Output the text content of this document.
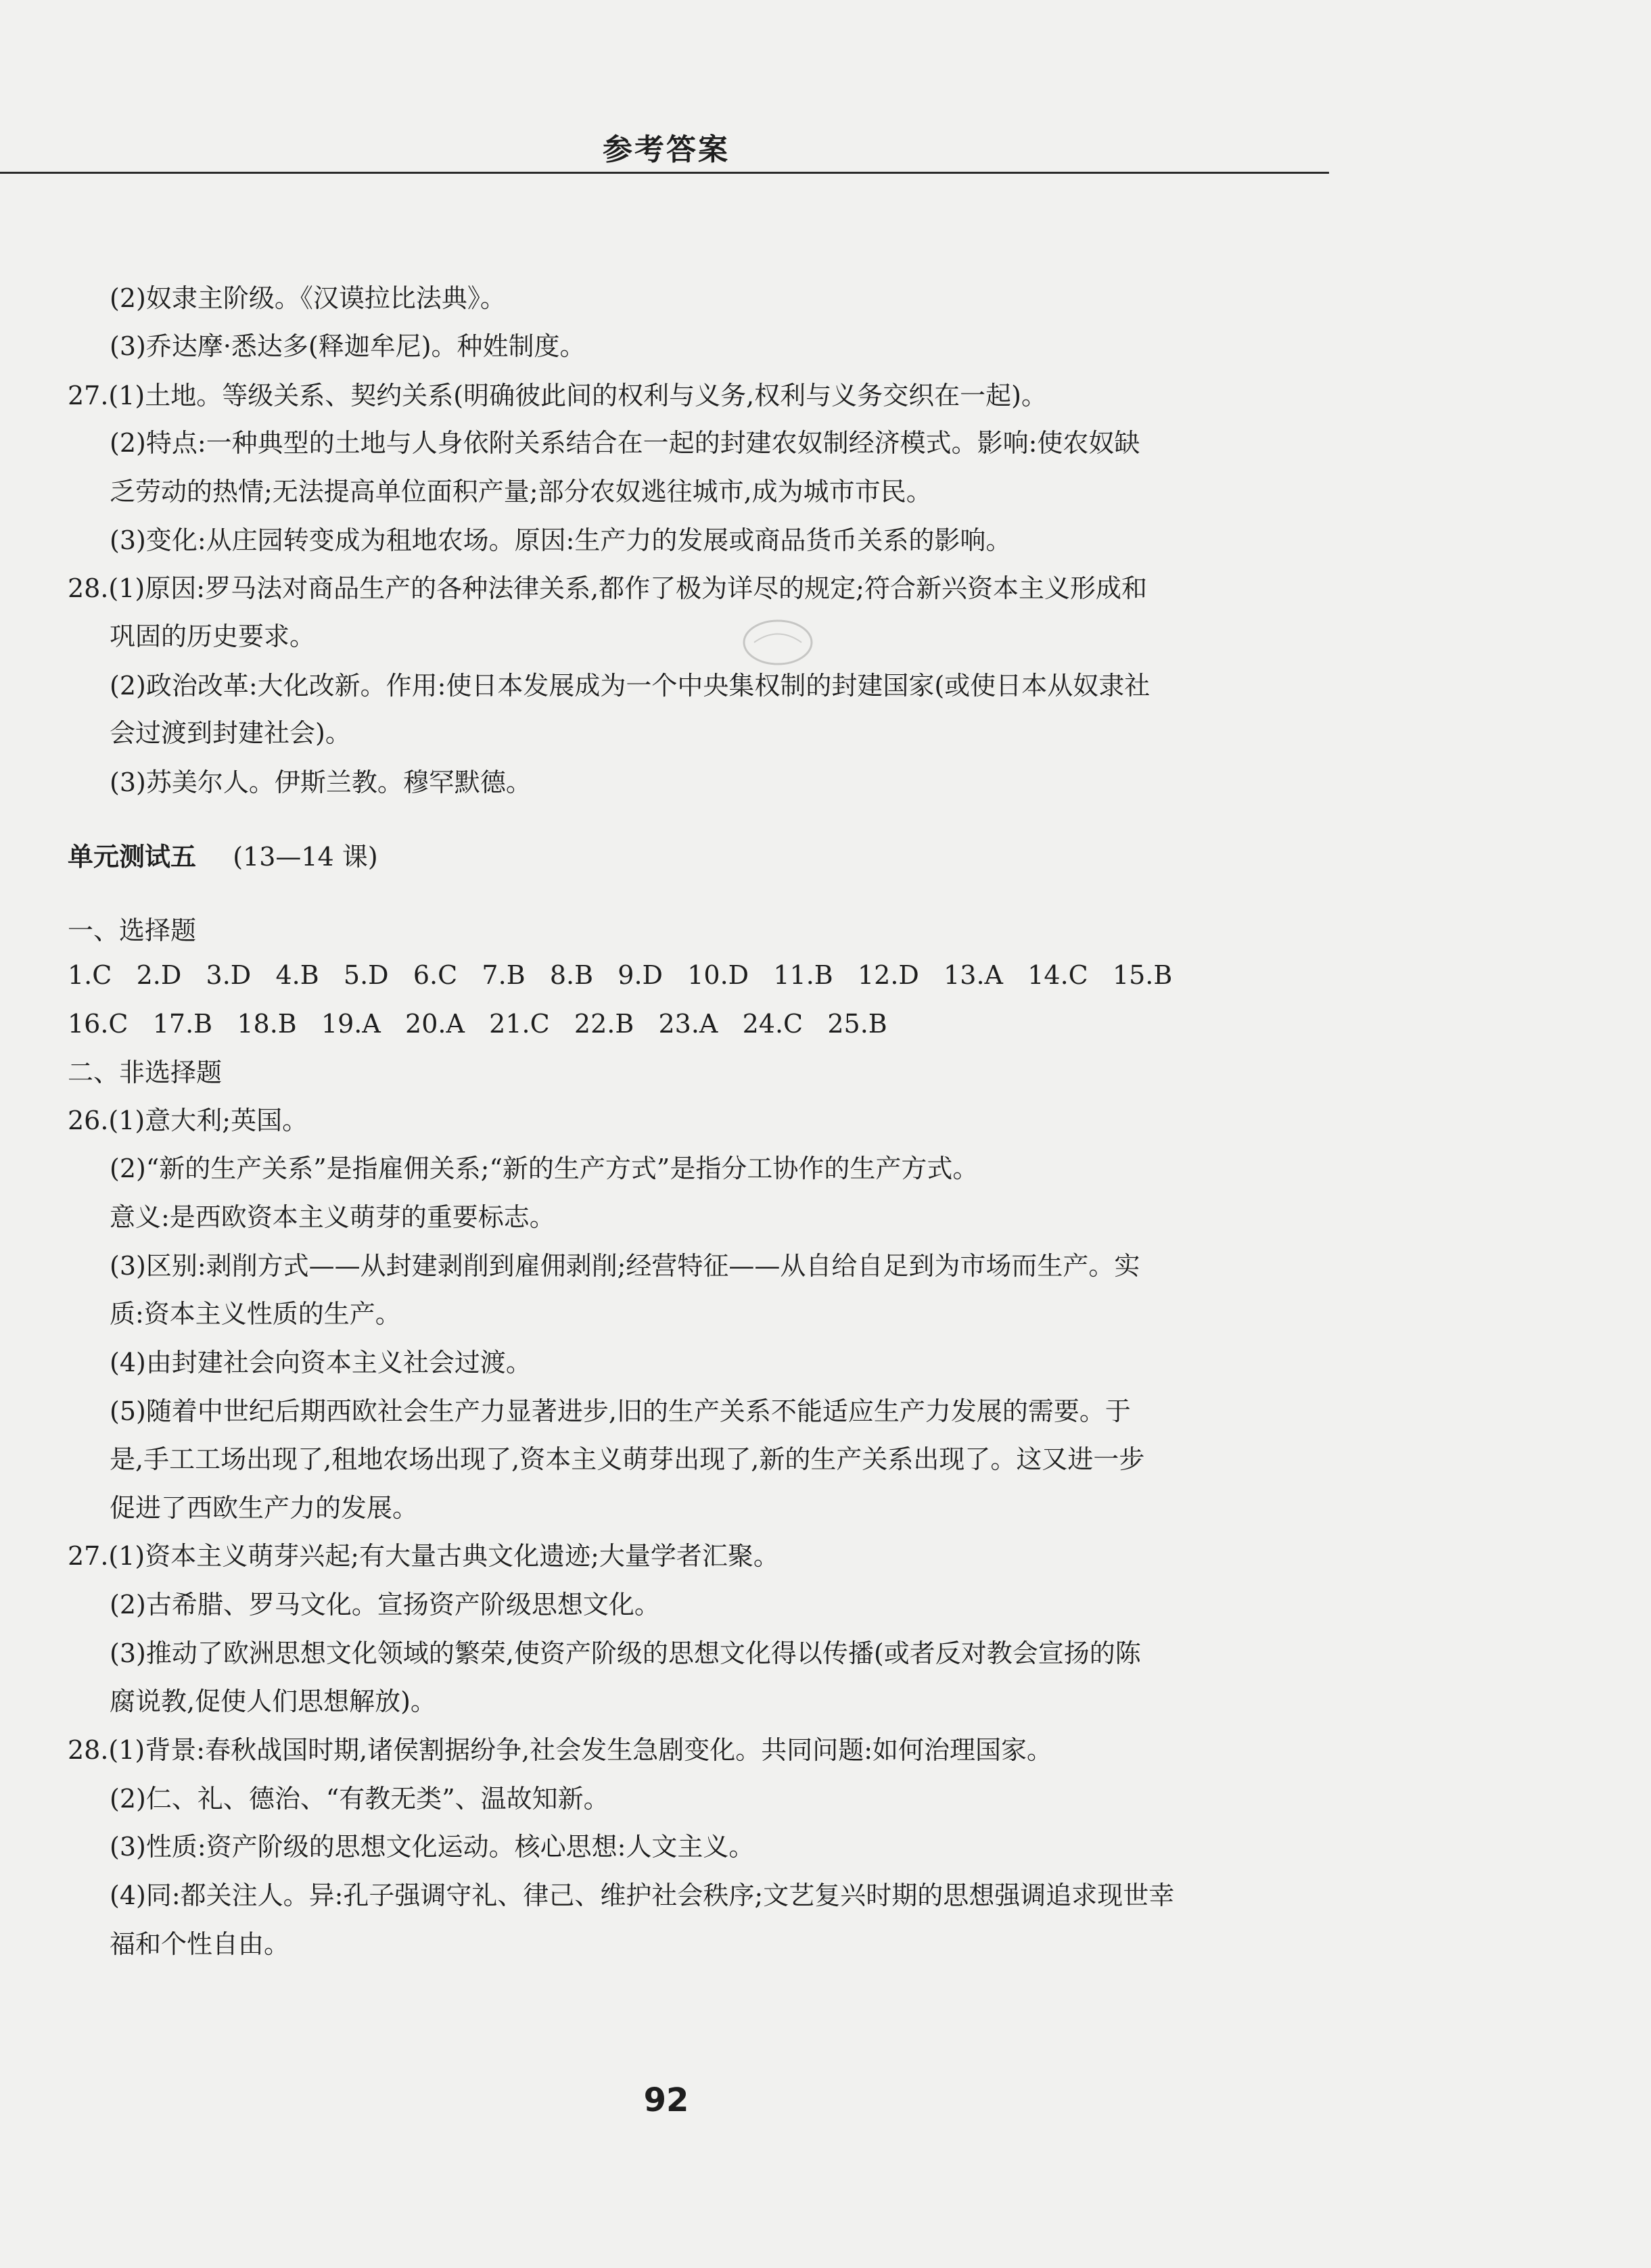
参考答案
(2)奴隶主阶级。《汉谟拉比法典》。
(3)乔达摩·悉达多(释迦牟尼)。种姓制度。
27.(1)土地。等级关系、契约关系(明确彼此间的权利与义务,权利与义务交织在一起)。
(2)特点:一种典型的土地与人身依附关系结合在一起的封建农奴制经济模式。影响:使农奴缺
乏劳动的热情;无法提高单位面积产量;部分农奴逃往城市,成为城市市民。
(3)变化:从庄园转变成为租地农场。原因:生产力的发展或商品货币关系的影响。
28.(1)原因:罗马法对商品生产的各种法律关系,都作了极为详尽的规定;符合新兴资本主义形成和
巩固的历史要求。
(2)政治改革:大化改新。作用:使日本发展成为一个中央集权制的封建国家(或使日本从奴隶社
会过渡到封建社会)。
(3)苏美尔人。伊斯兰教。穆罕默德。
单元测试五 (13—14 课)
一、选择题
1.C   2.D   3.D   4.B   5.D   6.C   7.B   8.B   9.D   10.D   11.B   12.D   13.A   14.C   15.B
16.C   17.B   18.B   19.A   20.A   21.C   22.B   23.A   24.C   25.B
二、非选择题
26.(1)意大利;英国。
(2)“新的生产关系”是指雇佣关系;“新的生产方式”是指分工协作的生产方式。
意义:是西欧资本主义萌芽的重要标志。
(3)区别:剥削方式——从封建剥削到雇佣剥削;经营特征——从自给自足到为市场而生产。实
质:资本主义性质的生产。
(4)由封建社会向资本主义社会过渡。
(5)随着中世纪后期西欧社会生产力显著进步,旧的生产关系不能适应生产力发展的需要。于
是,手工工场出现了,租地农场出现了,资本主义萌芽出现了,新的生产关系出现了。这又进一步
促进了西欧生产力的发展。
27.(1)资本主义萌芽兴起;有大量古典文化遗迹;大量学者汇聚。
(2)古希腊、罗马文化。宣扬资产阶级思想文化。
(3)推动了欧洲思想文化领域的繁荣,使资产阶级的思想文化得以传播(或者反对教会宣扬的陈
腐说教,促使人们思想解放)。
28.(1)背景:春秋战国时期,诸侯割据纷争,社会发生急剧变化。共同问题:如何治理国家。
(2)仁、礼、德治、“有教无类”、温故知新。
(3)性质:资产阶级的思想文化运动。核心思想:人文主义。
(4)同:都关注人。异:孔子强调守礼、律己、维护社会秩序;文艺复兴时期的思想强调追求现世幸
福和个性自由。
92
